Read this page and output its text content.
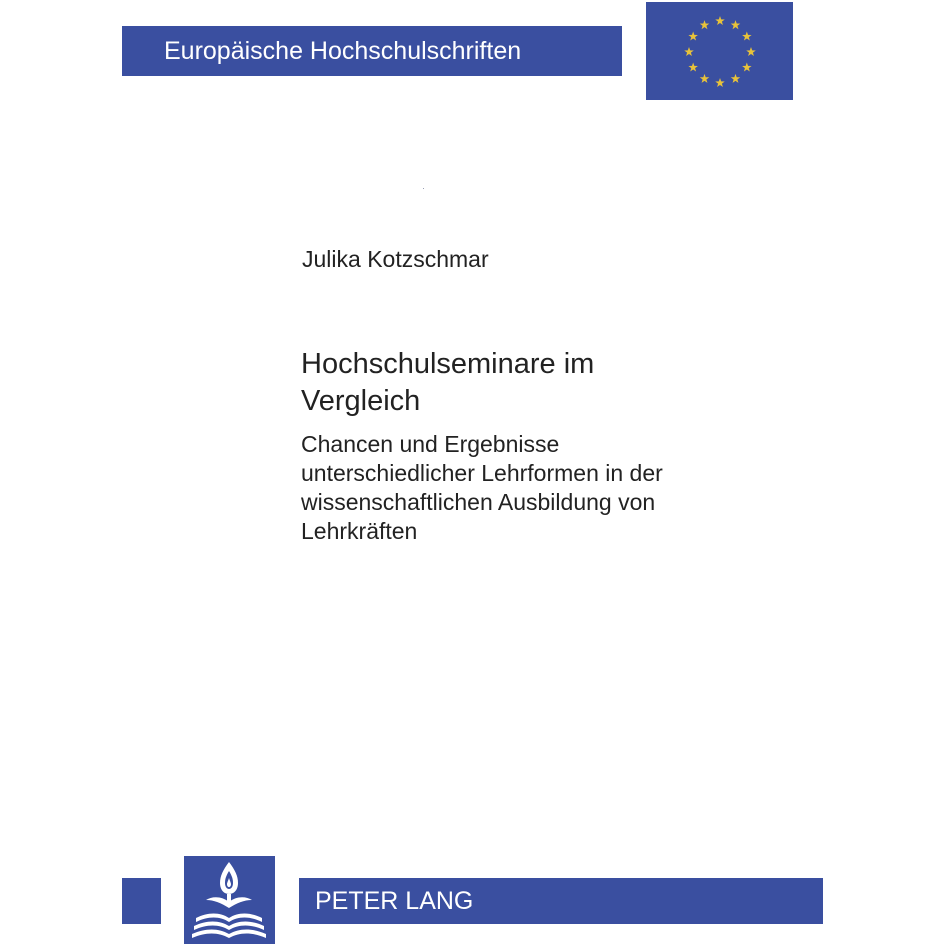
Europäische Hochschulschriften
Julika Kotzschmar
Hochschulseminare im
Vergleich
Chancen und Ergebnisse
unterschiedlicher Lehrformen in der
wissenschaftlichen Ausbildung von
Lehrkräften
PETER LANG
